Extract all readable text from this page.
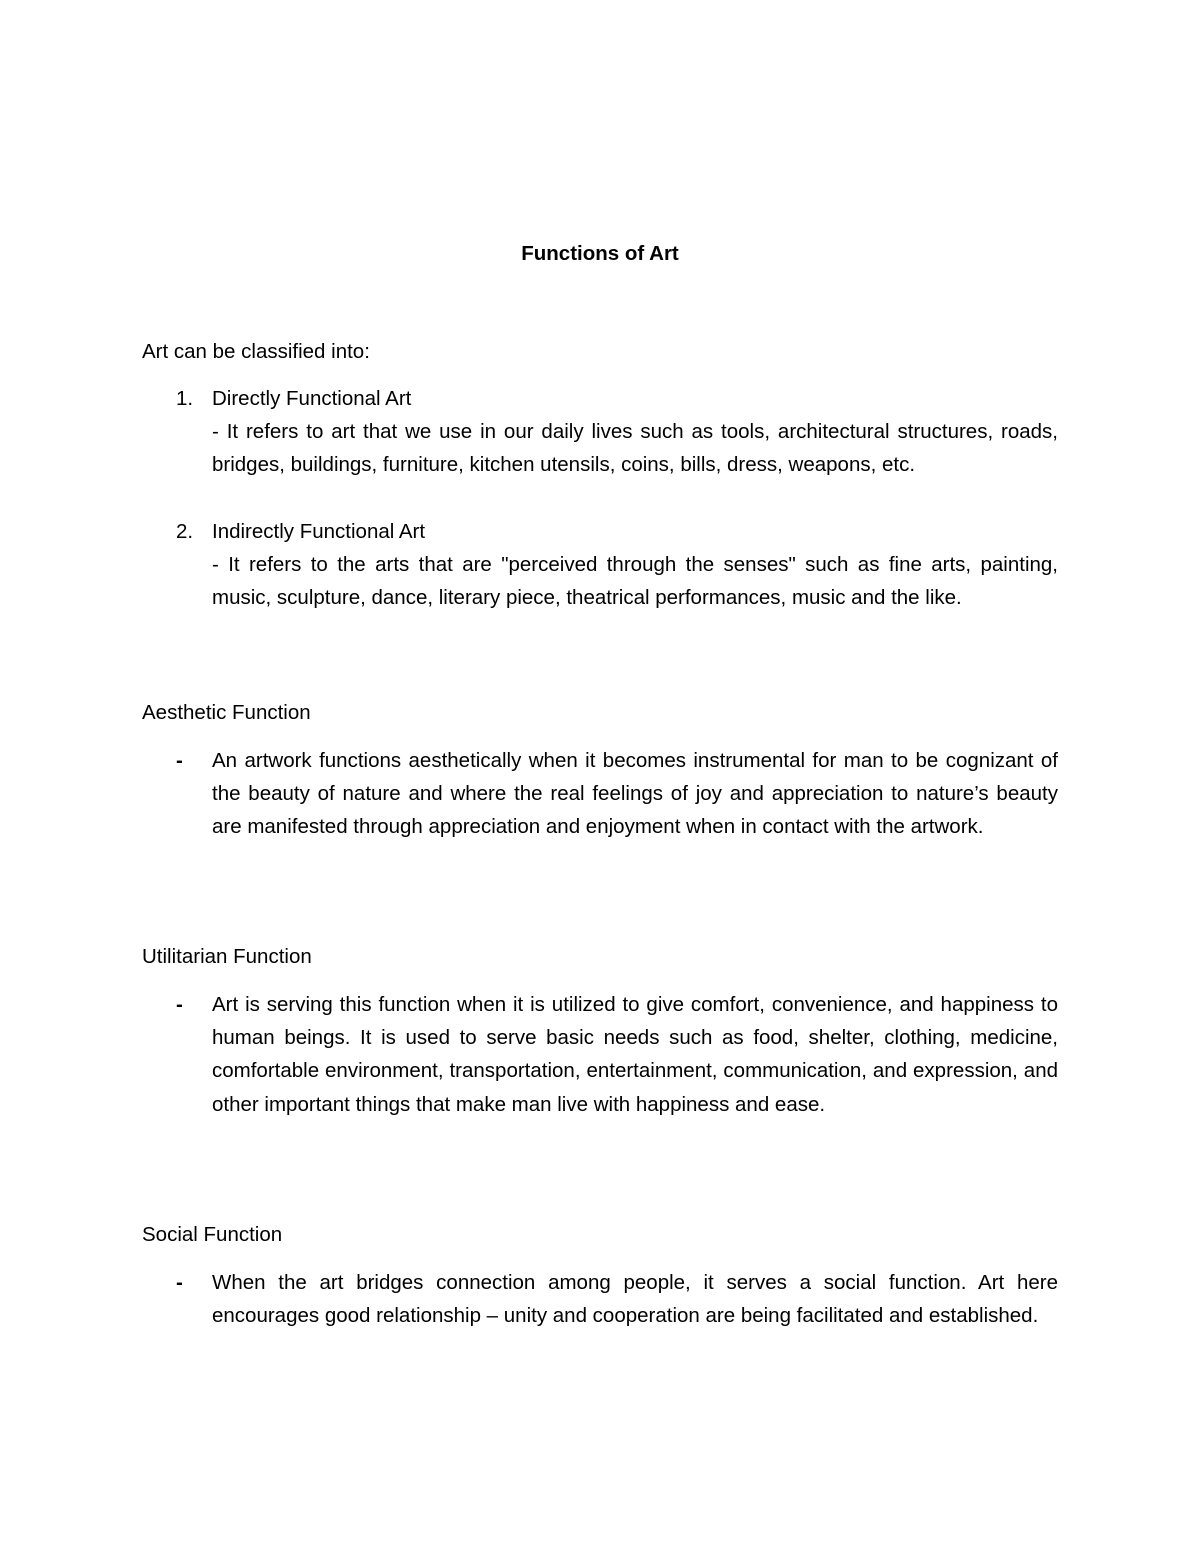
Functions of Art
Art can be classified into:
1. Directly Functional Art
- It refers to art that we use in our daily lives such as tools, architectural structures, roads, bridges, buildings, furniture, kitchen utensils, coins, bills, dress, weapons, etc.
2. Indirectly Functional Art
- It refers to the arts that are "perceived through the senses" such as fine arts, painting, music, sculpture, dance, literary piece, theatrical performances, music and the like.
Aesthetic Function
- An artwork functions aesthetically when it becomes instrumental for man to be cognizant of the beauty of nature and where the real feelings of joy and appreciation to nature’s beauty are manifested through appreciation and enjoyment when in contact with the artwork.
Utilitarian Function
- Art is serving this function when it is utilized to give comfort, convenience, and happiness to human beings. It is used to serve basic needs such as food, shelter, clothing, medicine, comfortable environment, transportation, entertainment, communication, and expression, and other important things that make man live with happiness and ease.
Social Function
- When the art bridges connection among people, it serves a social function. Art here encourages good relationship – unity and cooperation are being facilitated and established.
